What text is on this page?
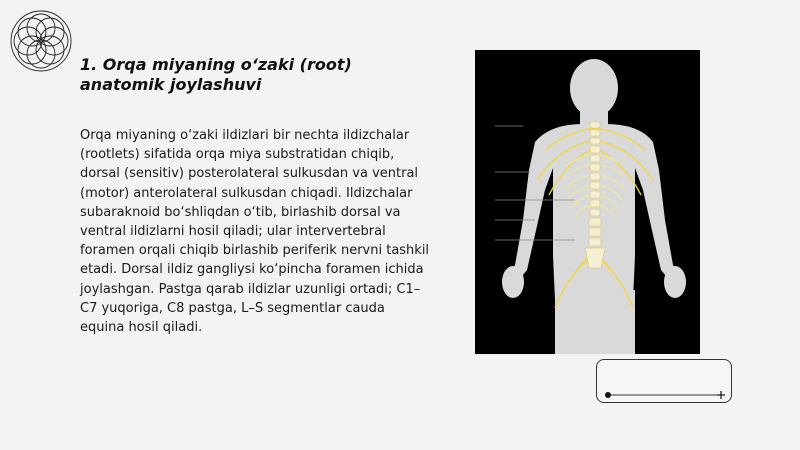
1. Orqa miyaning o‘zaki (root) anatomik joylashuvi

Orqa miyaning o‘zaki ildizlari bir nechta ildizchalar (rootlets) sifatida orqa miya substratidan chiqib, dorsal (sensitiv) posterolateral sulkusdan va ventral (motor) anterolateral sulkusdan chiqadi. Ildizchalar subaraknoid bo‘shliqdan o‘tib, birlashib dorsal va ventral ildizlarni hosil qiladi; ular intervertebral foramen orqali chiqib birlashib periferik nervni tashkil etadi. Dorsal ildiz gangliysi ko‘pincha foramen ichida joylashgan. Pastga qarab ildizlar uzunligi ortadi; C1–C7 yuqoriga, C8 pastga, L–S segmentlar cauda equina hosil qiladi.
